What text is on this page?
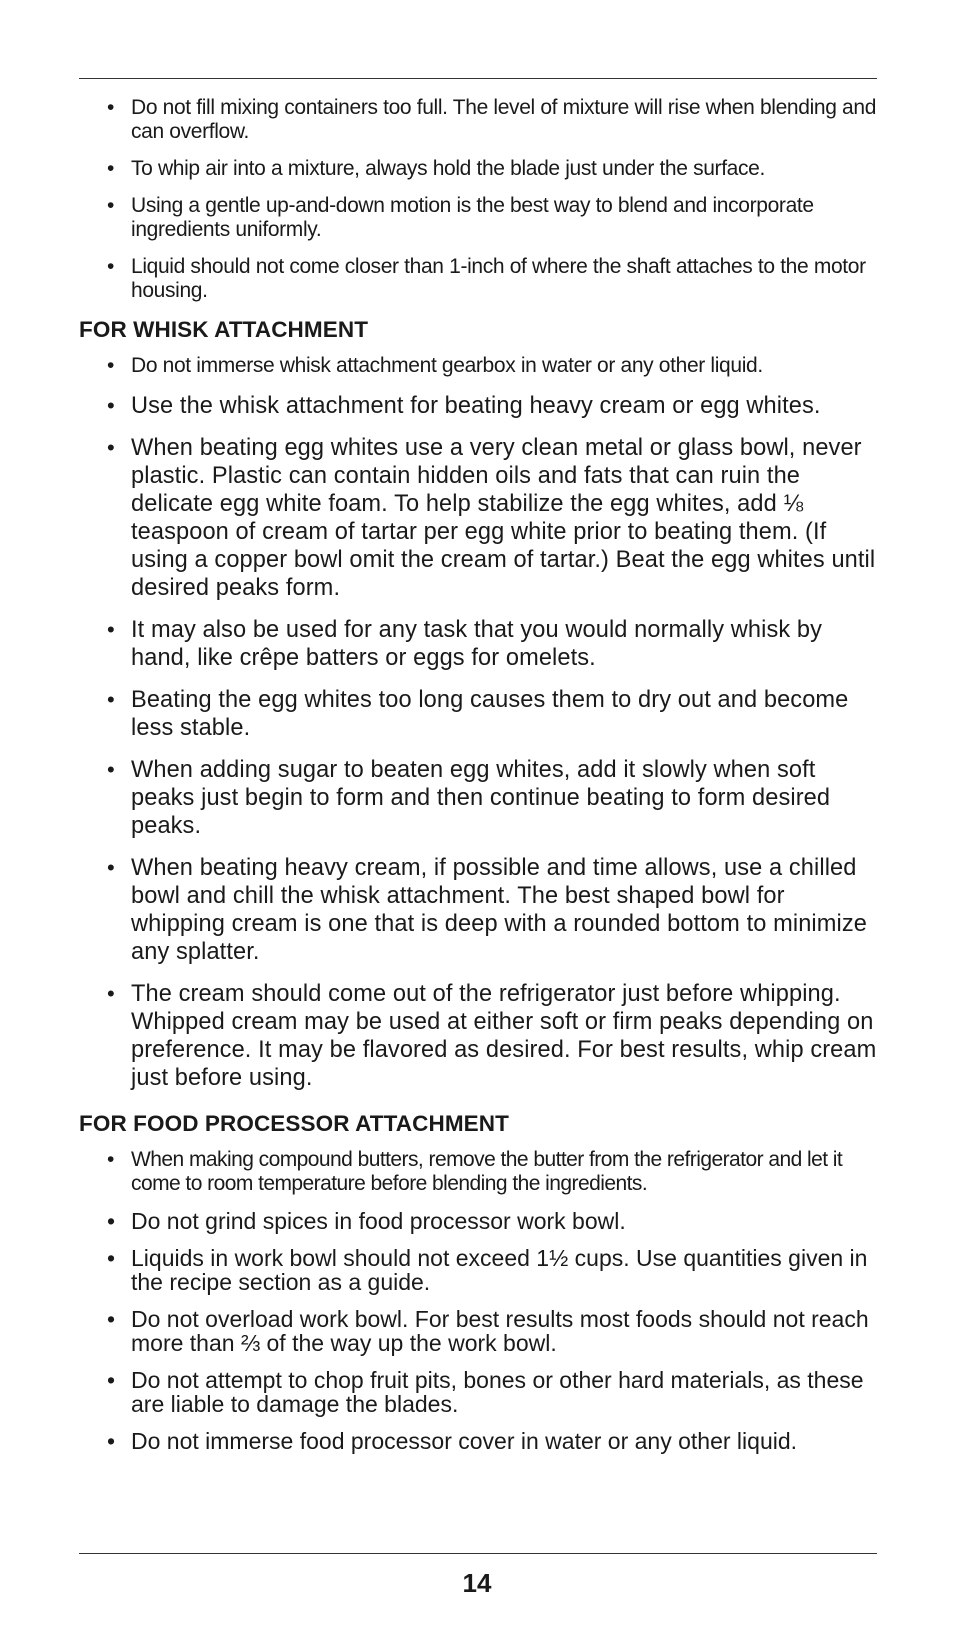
• Do not fill mixing containers too full. The level of mixture will rise when blending and can overflow.
• To whip air into a mixture, always hold the blade just under the surface.
• Using a gentle up-and-down motion is the best way to blend and incorporate ingredients uniformly.
• Liquid should not come closer than 1-inch of where the shaft attaches to the motor housing.
FOR WHISK ATTACHMENT
• Do not immerse whisk attachment gearbox in water or any other liquid.
• Use the whisk attachment for beating heavy cream or egg whites.
• When beating egg whites use a very clean metal or glass bowl, never plastic. Plastic can contain hidden oils and fats that can ruin the delicate egg white foam. To help stabilize the egg whites, add ⅛ teaspoon of cream of tartar per egg white prior to beating them. (If using a copper bowl omit the cream of tartar.) Beat the egg whites until desired peaks form.
• It may also be used for any task that you would normally whisk by hand, like crêpe batters or eggs for omelets.
• Beating the egg whites too long causes them to dry out and become less stable.
• When adding sugar to beaten egg whites, add it slowly when soft peaks just begin to form and then continue beating to form desired peaks.
• When beating heavy cream, if possible and time allows, use a chilled bowl and chill the whisk attachment. The best shaped bowl for whipping cream is one that is deep with a rounded bottom to minimize any splatter.
• The cream should come out of the refrigerator just before whipping. Whipped cream may be used at either soft or firm peaks depending on preference. It may be flavored as desired. For best results, whip cream just before using.
FOR FOOD PROCESSOR ATTACHMENT
• When making compound butters, remove the butter from the refrigerator and let it come to room temperature before blending the ingredients.
• Do not grind spices in food processor work bowl.
• Liquids in work bowl should not exceed 1½ cups. Use quantities given in the recipe section as a guide.
• Do not overload work bowl. For best results most foods should not reach more than ⅔ of the way up the work bowl.
• Do not attempt to chop fruit pits, bones or other hard materials, as these are liable to damage the blades.
• Do not immerse food processor cover in water or any other liquid.
14
